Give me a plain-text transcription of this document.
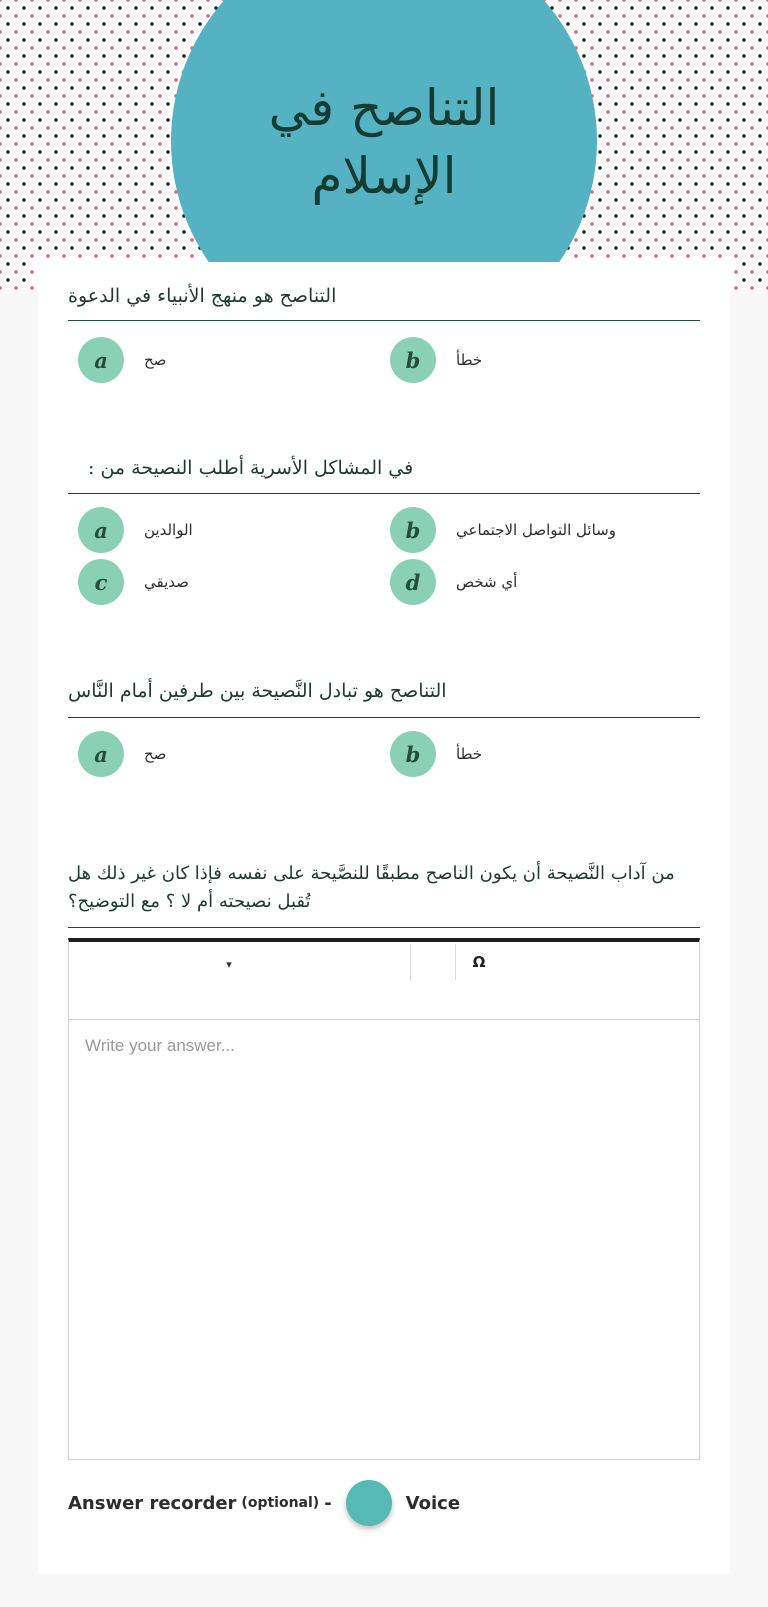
التناصح في
الإسلام
التناصح هو منهج الأنبياء في الدعوة
a	صح	b	خطأ
في المشاكل الأسرية أطلب النصيحة من :
a	الوالدين	b	وسائل التواصل الاجتماعي
c	صديقي	d	أي شخص
التناصح هو تبادل النَّصيحة بين طرفين أمام النَّاس
a	صح	b	خطأ
من آداب النَّصيحة أن يكون الناصح مطبقًا للنصَّيحة على نفسه فإذا كان غير ذلك هل
تُقبل نصيحته أم لا ؟ مع التوضيح؟
▾	Ω
Write your answer...
Answer recorder (optional) -	Voice
